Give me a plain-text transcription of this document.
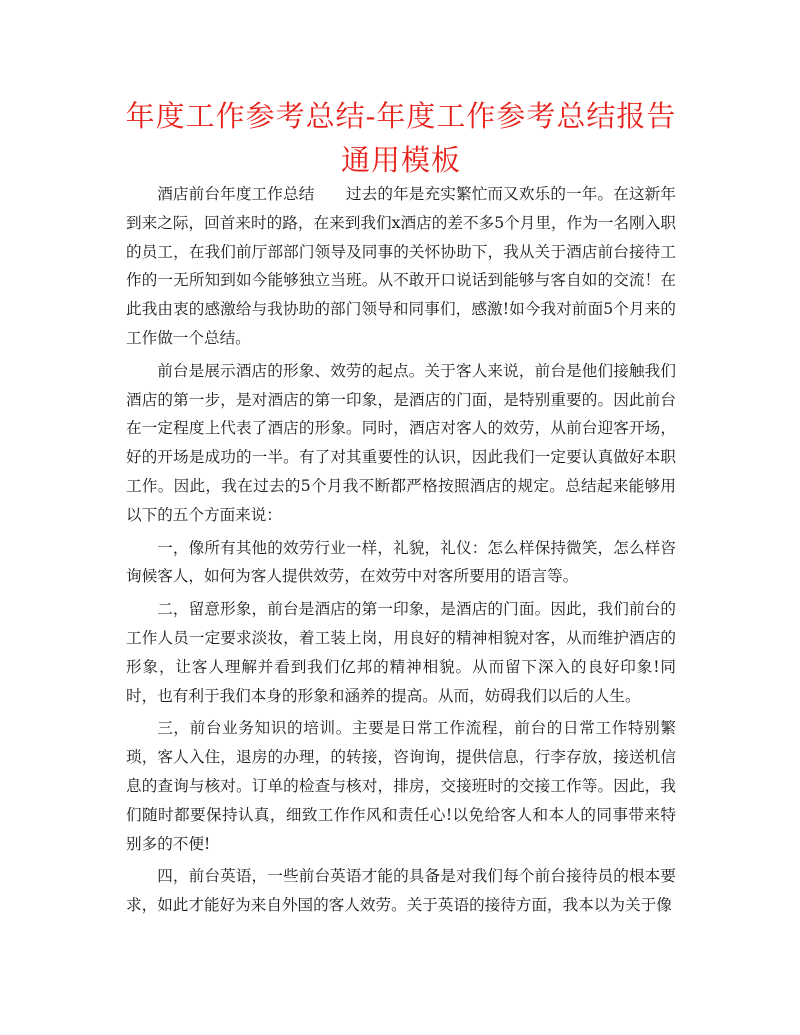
年度工作参考总结-年度工作参考总结报告通用模板

酒店前台年度工作总结　　过去的年是充实繁忙而又欢乐的一年。在这新年到来之际，回首来时的路，在来到我们x酒店的差不多5个月里，作为一名刚入职的员工，在我们前厅部部门领导及同事的关怀协助下，我从关于酒店前台接待工作的一无所知到如今能够独立当班。从不敢开口说话到能够与客自如的交流！在此我由衷的感激给与我协助的部门领导和同事们，感激!如今我对前面5个月来的工作做一个总结。

前台是展示酒店的形象、效劳的起点。关于客人来说，前台是他们接触我们酒店的第一步，是对酒店的第一印象，是酒店的门面，是特别重要的。因此前台在一定程度上代表了酒店的形象。同时，酒店对客人的效劳，从前台迎客开场，好的开场是成功的一半。有了对其重要性的认识，因此我们一定要认真做好本职工作。因此，我在过去的5个月我不断都严格按照酒店的规定。总结起来能够用以下的五个方面来说：

一，像所有其他的效劳行业一样，礼貌，礼仪：怎么样保持微笑，怎么样咨询候客人，如何为客人提供效劳，在效劳中对客所要用的语言等。

二，留意形象，前台是酒店的第一印象，是酒店的门面。因此，我们前台的工作人员一定要求淡妆，着工装上岗，用良好的精神相貌对客，从而维护酒店的形象，让客人理解并看到我们亿邦的精神相貌。从而留下深入的良好印象!同时，也有利于我们本身的形象和涵养的提高。从而，妨碍我们以后的人生。

三，前台业务知识的培训。主要是日常工作流程，前台的日常工作特别繁琐，客人入住，退房的办理，的转接，咨询询，提供信息，行李存放，接送机信息的查询与核对。订单的检查与核对，排房，交接班时的交接工作等。因此，我们随时都要保持认真，细致工作作风和责任心!以免给客人和本人的同事带来特别多的不便!

四，前台英语，一些前台英语才能的具备是对我们每个前台接待员的根本要求，如此才能好为来自外国的客人效劳。关于英语的接待方面，我本以为关于像
